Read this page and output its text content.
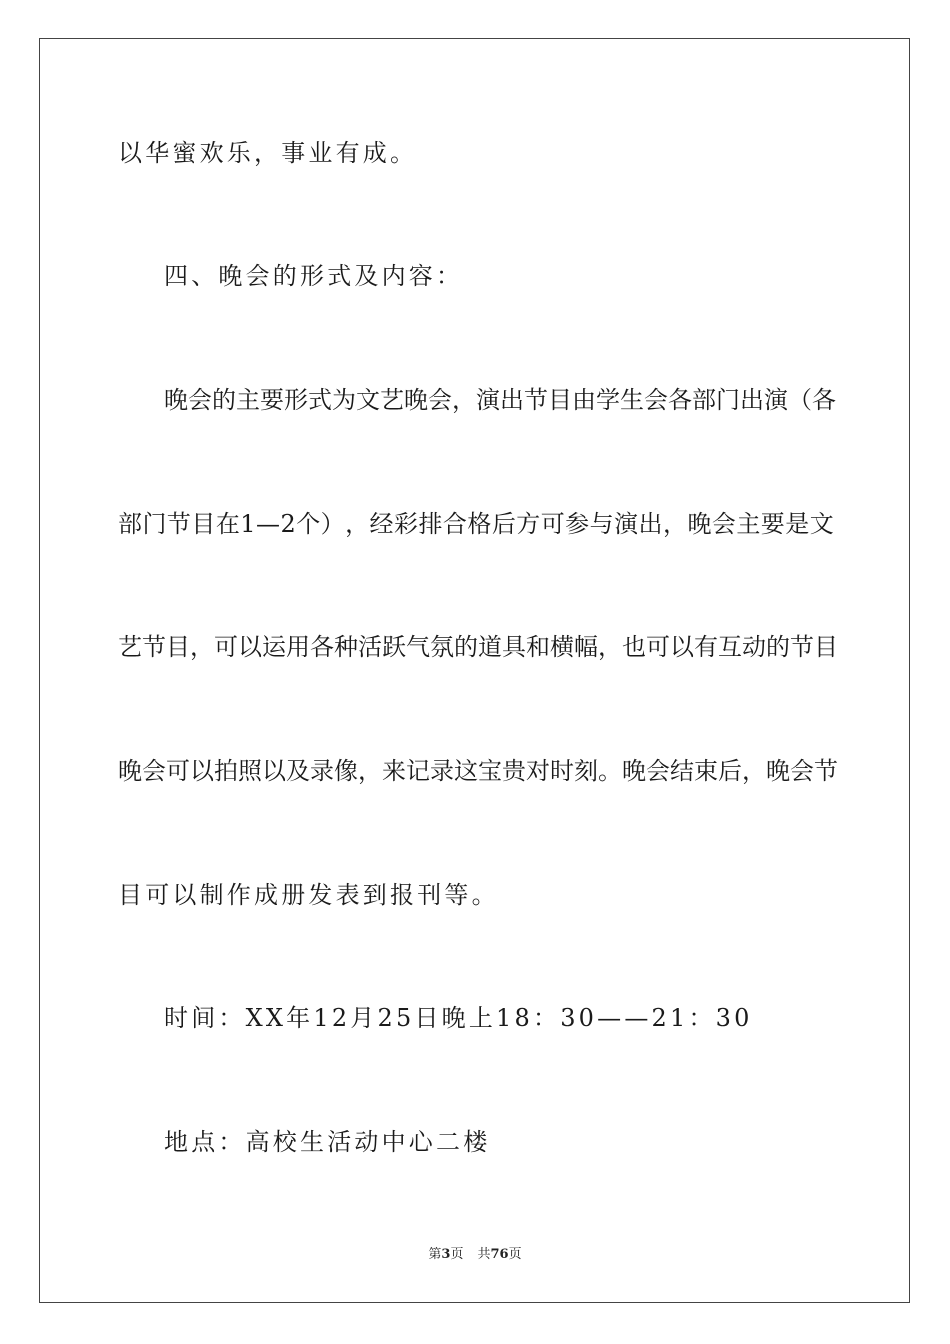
以华蜜欢乐，事业有成。

四、晚会的形式及内容：

晚 会 的 主 要 形 式 为 文 艺 晚 会 ， 演 出 节 目 由 学 生 会 各 部 门 出 演 （ 各

部 门 节 目 在 1 — 2 个 ） ， 经 彩 排 合 格 后 方 可 参 与 演 出 ， 晚 会 主 要 是 文

艺 节 目 ， 可 以 运 用 各 种 活 跃 气 氛 的 道 具 和 横 幅 ， 也 可 以 有 互 动 的 节 目

晚 会 可 以 拍 照 以 及 录 像 ， 来 记 录 这 宝 贵 对 时 刻 。 晚 会 结 束 后 ， 晚 会 节

目可以制作成册发表到报刊等。

时间：XX年12月25日晚上18：30——21：30

地点：高校生活动中心二楼

第3页 共76页
